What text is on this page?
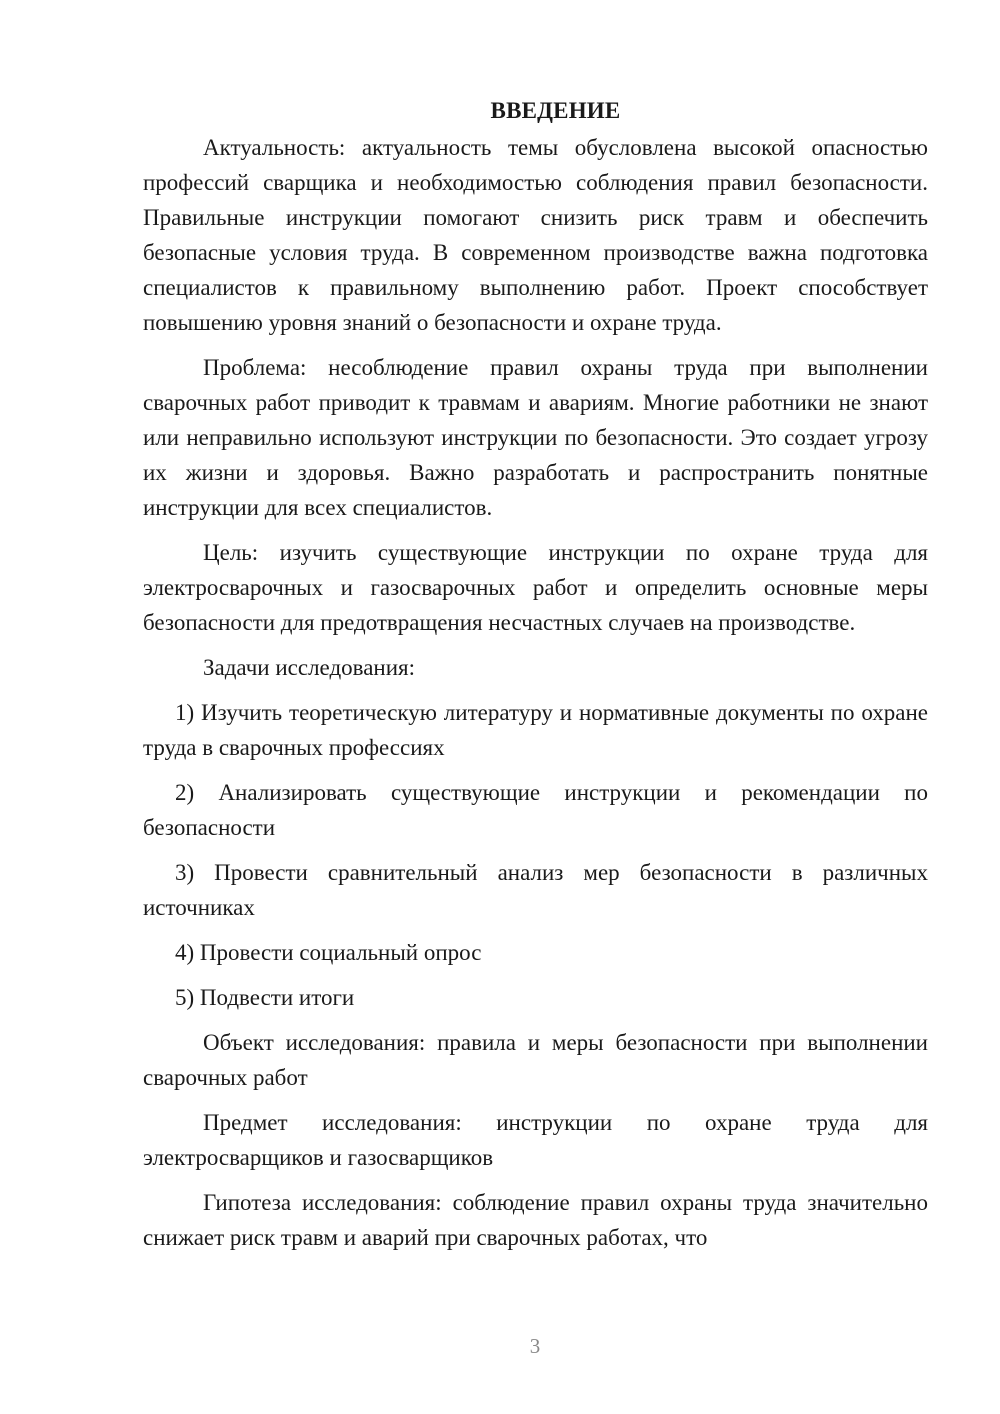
ВВЕДЕНИЕ

Актуальность: актуальность темы обусловлена высокой опасностью профессий сварщика и необходимостью соблюдения правил безопасности. Правильные инструкции помогают снизить риск травм и обеспечить безопасные условия труда. В современном производстве важна подготовка специалистов к правильному выполнению работ. Проект способствует повышению уровня знаний о безопасности и охране труда.

Проблема: несоблюдение правил охраны труда при выполнении сварочных работ приводит к травмам и авариям. Многие работники не знают или неправильно используют инструкции по безопасности. Это создает угрозу их жизни и здоровья. Важно разработать и распространить понятные инструкции для всех специалистов.

Цель: изучить существующие инструкции по охране труда для электросварочных и газосварочных работ и определить основные меры безопасности для предотвращения несчастных случаев на производстве.

Задачи исследования:

1) Изучить теоретическую литературу и нормативные документы по охране труда в сварочных профессиях

2) Анализировать существующие инструкции и рекомендации по безопасности

3) Провести сравнительный анализ мер безопасности в различных источниках

4) Провести социальный опрос

5) Подвести итоги

Объект исследования: правила и меры безопасности при выполнении сварочных работ

Предмет исследования: инструкции по охране труда для электросварщиков и газосварщиков

Гипотеза исследования: соблюдение правил охраны труда значительно снижает риск травм и аварий при сварочных работах, что

3
